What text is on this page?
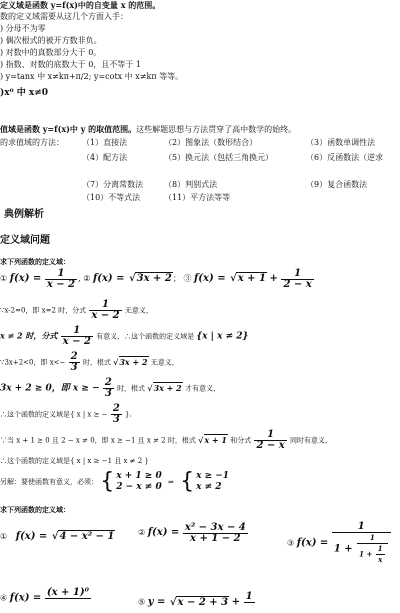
定义域是函数 y=f(x)中的自变量 x 的范围。
数的定义域需要从这几个方面入手：
) 分母不为零
) 偶次根式的被开方数非负。
) 对数中的真数部分大于 0。
) 指数、对数的底数大于 0，且不等于 1
) y=tanx 中 x≠kπ+π/2; y=cotx 中 x≠kπ 等等。
)x⁰ 中 x≠0
值域是函数 y=f(x)中 y 的取值范围。这些解题思想与方法贯穿了高中数学的始终。
的求值域的方法： （1）直接法	（2）图象法（数形结合）	（3）函数单调性法
（4）配方法	（5）换元法（包括三角换元）	（6）反函数法（逆求
（7）分离常数法	（8）判别式法	（9）复合函数法
（10）不等式法	（11）平方法等等
典例解析
定义域问题
求下列函数的定义域：
① $f(x) = \frac{1}{x - 2}$ , ② f(x) = √ 3x + 2； ③ f(x) = √ $x + 1 + \frac{1}{2 - x}$
∵x-2=0，即 x=2 时，分式 $\frac{1}{x - 2}$ 无意义，
x ≠ 2 时，分式 $\frac{1}{x - 2}$ 有意义，∴这个函数的定义域是 {x | x ≠ 2}
∵3x+2<0，即 $x<- \frac{2}{3}$ 时，根式 √ 3x + 2 无意义，
3x + 2 ≥ 0，即 x ≥ − $\frac{2}{3}$ 时，根式 √ 3x + 2 才有意义，
∴这个函数的定义域是{ x | x ≥ − $\frac{2}{3}$ }.
∵当 x + 1 ≥ 0 且 2 − x ≠ 0，即 x ≥ −1 且 x ≠ 2 时，根式 √ x + 1 和分式 $\frac{1}{2 - x}$ 同时有意义，
∴这个函数的定义域是{ x | x ≥ −1 且 x ≠ 2 }
另解：要使函数有意义，必须： { x + 1 ≥ 0
2 − x ≠ 0 ⇒ { x ≥ −1
x ≠ 2
求下列函数的定义域：
① f(x) = √ 4 − x² − 1	② $f(x) = \frac{\text{x² − 3x − 4}}{x + 1 - 2}$	③ $f(x) = \frac{1}{1 + \frac{1}{1 + \frac{1}{x}}}$
④ f(x) = (x + 1)⁰

⑤ y = √ x − 2 + 3 + 1
